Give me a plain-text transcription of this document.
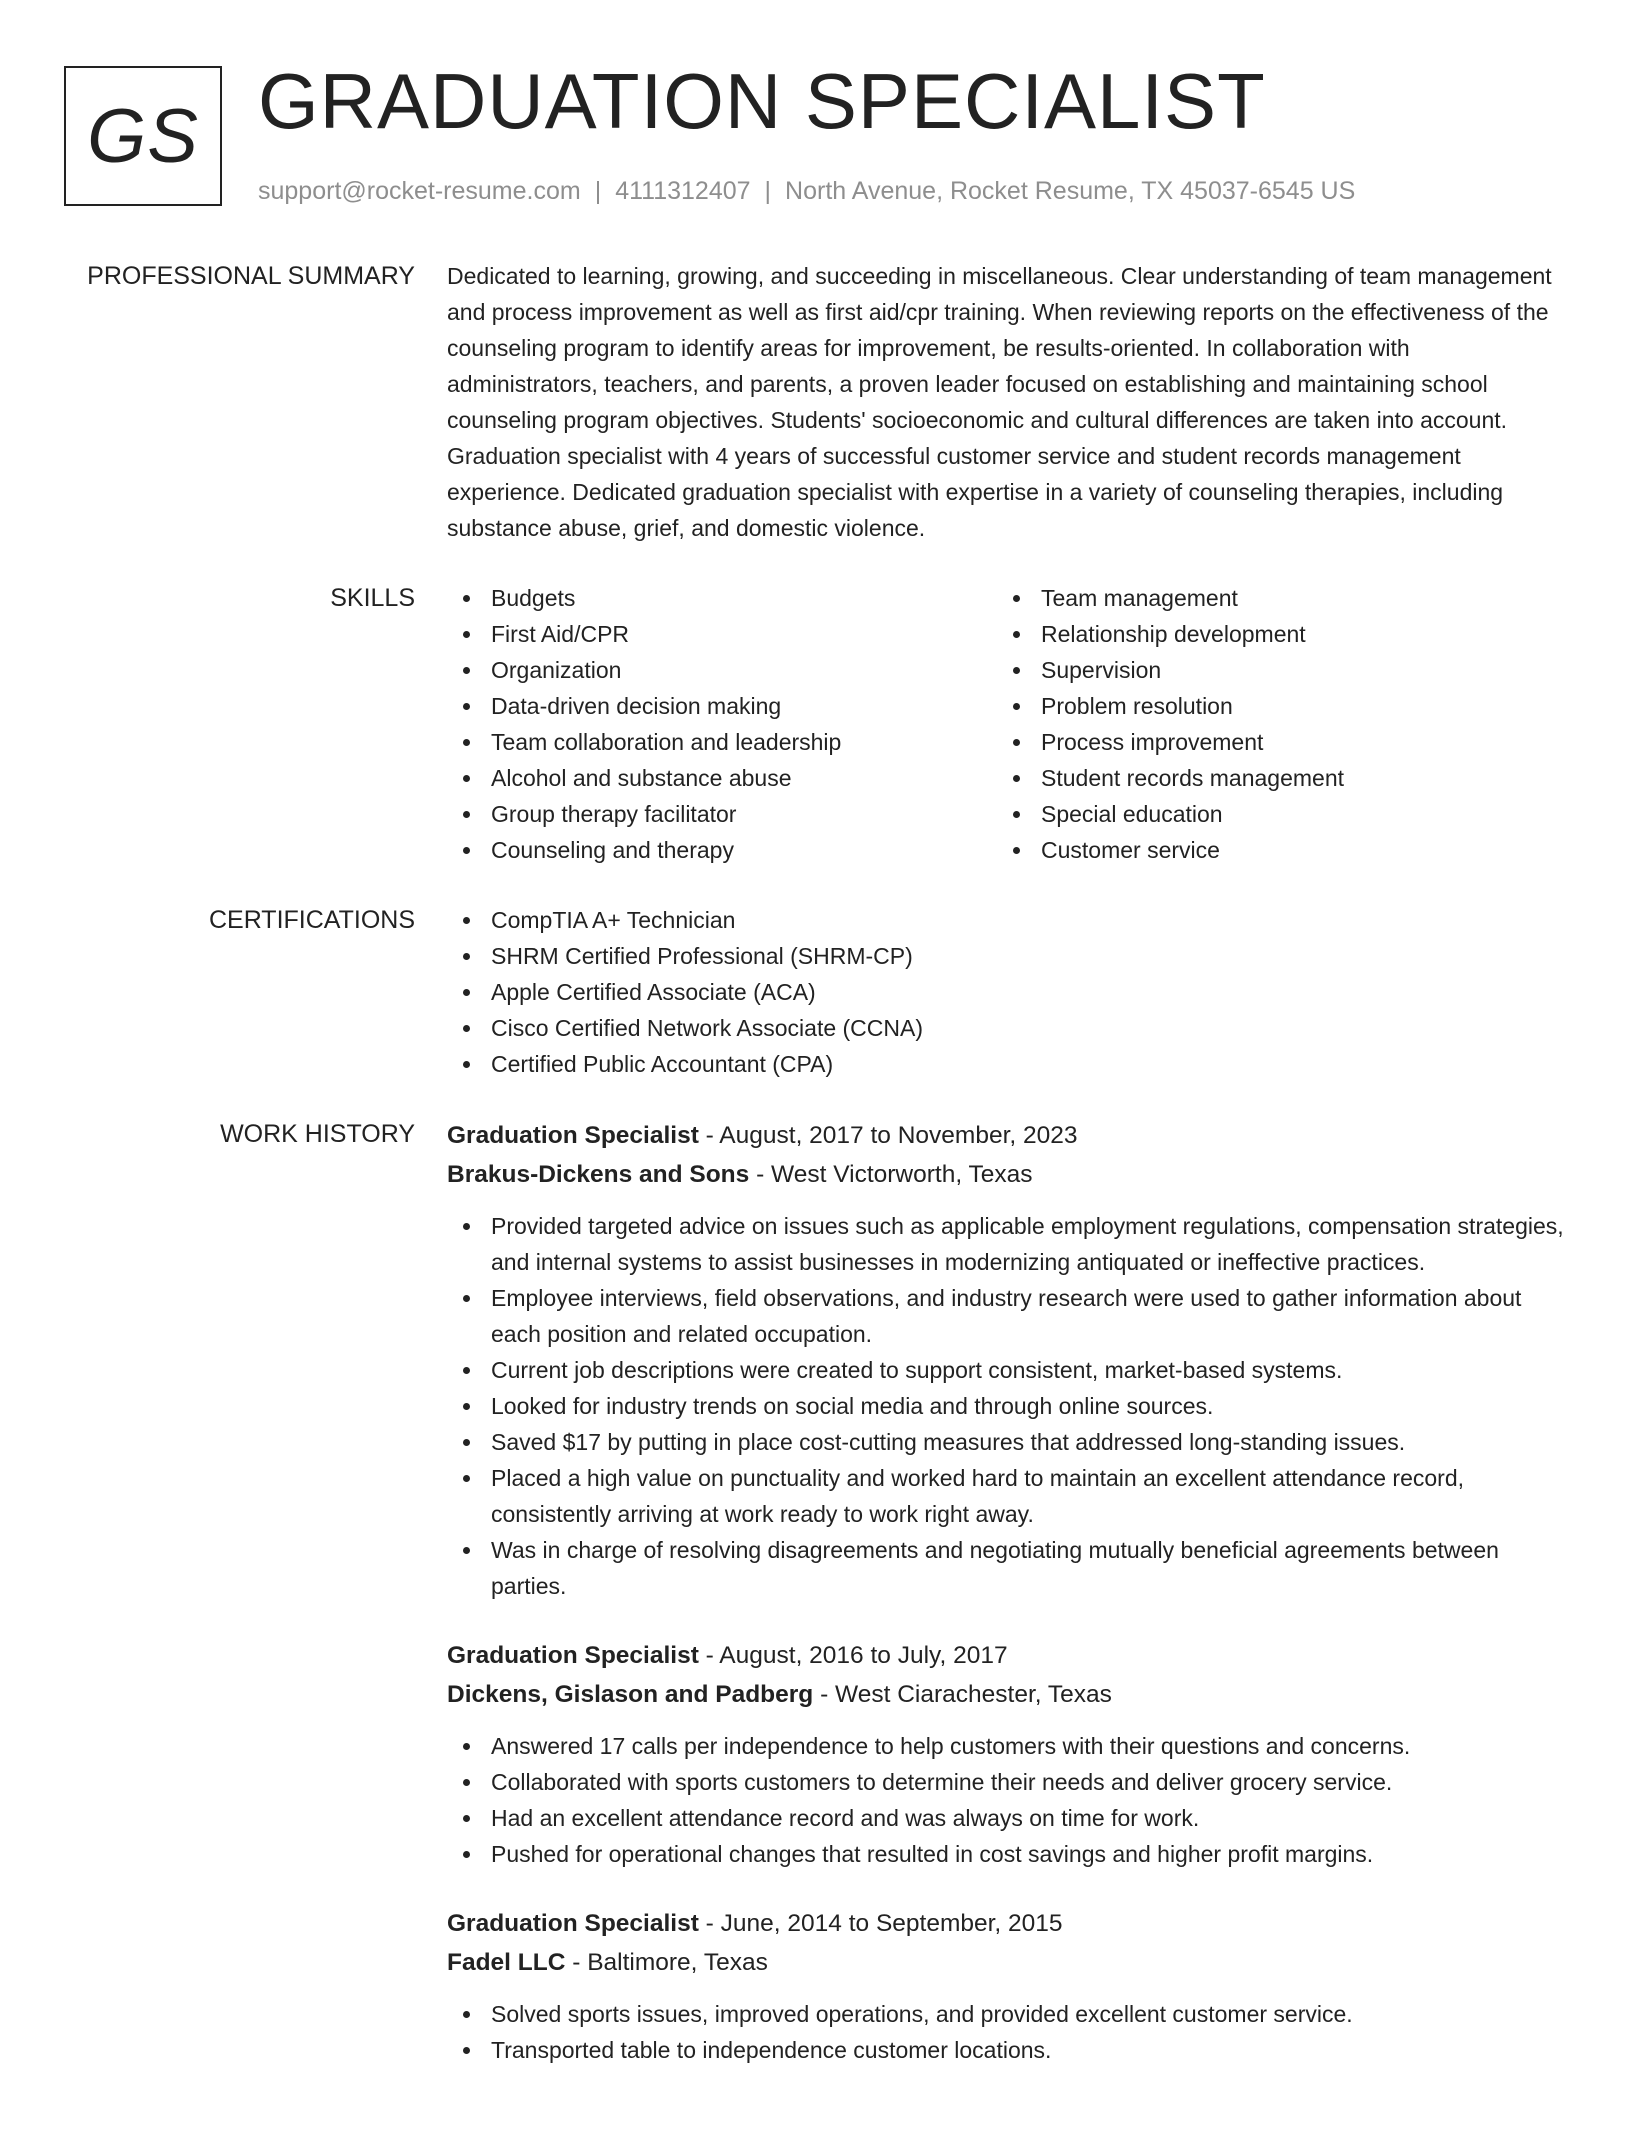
GS GRADUATION SPECIALIST
support@rocket-resume.com | 4111312407 | North Avenue, Rocket Resume, TX 45037-6545 US
PROFESSIONAL SUMMARY Dedicated to learning, growing, and succeeding in miscellaneous. Clear understanding of team management and process improvement as well as first aid/cpr training. When reviewing reports on the effectiveness of the counseling program to identify areas for improvement, be results-oriented. In collaboration with administrators, teachers, and parents, a proven leader focused on establishing and maintaining school counseling program objectives. Students' socioeconomic and cultural differences are taken into account. Graduation specialist with 4 years of successful customer service and student records management experience. Dedicated graduation specialist with expertise in a variety of counseling therapies, including substance abuse, grief, and domestic violence.

SKILLS	Budgets
First Aid/CPR
Organization
Data-driven decision making
Team collaboration and leadership
Alcohol and substance abuse
Group therapy facilitator
Counseling and therapy
Team management
Relationship development
Supervision
Problem resolution
Process improvement
Student records management
Special education
Customer service
CERTIFICATIONS	CompTIA A+ Technician
SHRM Certified Professional (SHRM-CP)
Apple Certified Associate (ACA)
Cisco Certified Network Associate (CCNA)
Certified Public Accountant (CPA)
WORK HISTORY Graduation Specialist - August, 2017 to November, 2023
Brakus-Dickens and Sons - West Victorworth, Texas
Provided targeted advice on issues such as applicable employment regulations, compensation strategies, and internal systems to assist businesses in modernizing antiquated or ineffective practices.
Employee interviews, field observations, and industry research were used to gather information about each position and related occupation.
Current job descriptions were created to support consistent, market-based systems.
Looked for industry trends on social media and through online sources.
Saved $17 by putting in place cost-cutting measures that addressed long-standing issues.
Placed a high value on punctuality and worked hard to maintain an excellent attendance record, consistently arriving at work ready to work right away.
Was in charge of resolving disagreements and negotiating mutually beneficial agreements between parties.
Graduation Specialist - August, 2016 to July, 2017
Dickens, Gislason and Padberg - West Ciarachester, Texas
Answered 17 calls per independence to help customers with their questions and concerns.
Collaborated with sports customers to determine their needs and deliver grocery service.
Had an excellent attendance record and was always on time for work.
Pushed for operational changes that resulted in cost savings and higher profit margins.
Graduation Specialist - June, 2014 to September, 2015
Fadel LLC - Baltimore, Texas
Solved sports issues, improved operations, and provided excellent customer service.
Transported table to independence customer locations.
